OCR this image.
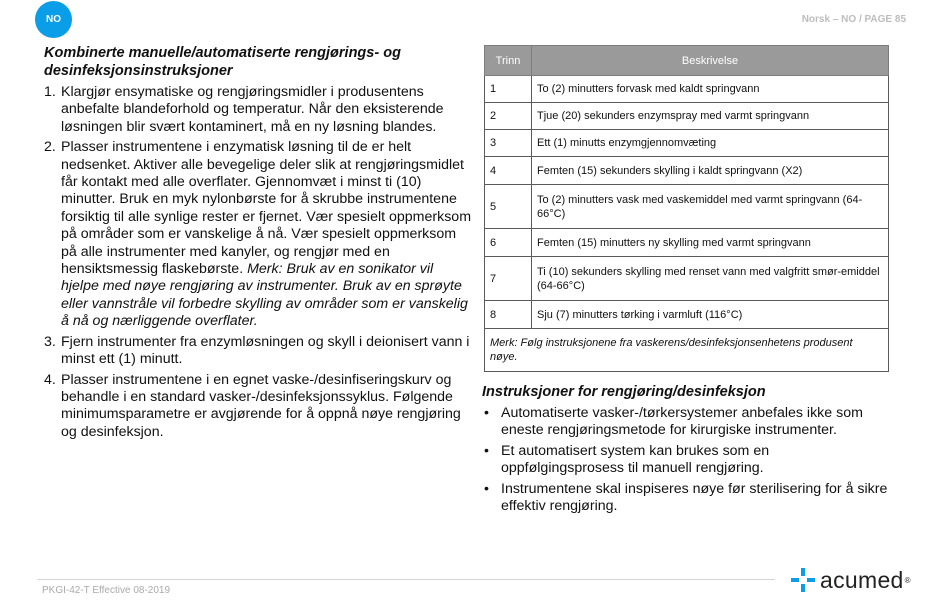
NO	Norsk – NO / PAGE 85
Kombinerte manuelle/automatiserte rengjørings- og desinfeksjonsinstruksjoner
1. Klargjør ensymatiske og rengjøringsmidler i produsentens anbefalte blandeforhold og temperatur. Når den eksisterende løsningen blir svært kontaminert, må en ny løsning blandes.
2. Plasser instrumentene i enzymatisk løsning til de er helt nedsenket. Aktiver alle bevegelige deler slik at rengjøringsmidlet får kontakt med alle overflater. Gjennomvæt i minst ti (10) minutter. Bruk en myk nylonbørste for å skrubbe instrumentene forsiktig til alle synlige rester er fjernet. Vær spesielt oppmerksom på områder som er vanskelige å nå. Vær spesielt oppmerksom på alle instrumenter med kanyler, og rengjør med en hensiktsmessig flaskebørste. Merk: Bruk av en sonikator vil hjelpe med nøye rengjøring av instrumenter. Bruk av en sprøyte eller vannstråle vil forbedre skylling av områder som er vanskelig å nå og nærliggende overflater.
3. Fjern instrumenter fra enzymløsningen og skyll i deionisert vann i minst ett (1) minutt.
4. Plasser instrumentene i en egnet vaske-/desinfiseringskurv og behandle i en standard vasker-/desinfeksjonssyklus. Følgende minimumsparametre er avgjørende for å oppnå nøye rengjøring og desinfeksjon.
Trinn	Beskrivelse
1	To (2) minutters forvask med kaldt springvann
2	Tjue (20) sekunders enzymspray med varmt springvann
3	Ett (1) minutts enzymgjennomvæting
4	Femten (15) sekunders skylling i kaldt springvann (X2)
5	To (2) minutters vask med vaskemiddel med varmt springvann (64-66°C)
6	Femten (15) minutters ny skylling med varmt springvann
7	Ti (10) sekunders skylling med renset vann med valgfritt smør-emiddel (64-66°C)
8	Sju (7) minutters tørking i varmluft (116°C)
Merk: Følg instruksjonene fra vaskerens/desinfeksjonsenhetens produsent nøye.	
Instruksjoner for rengjøring/desinfeksjon
• Automatiserte vasker-/tørkersystemer anbefales ikke som eneste rengjøringsmetode for kirurgiske instrumenter.
• Et automatisert system kan brukes som en oppfølgingsprosess til manuell rengjøring.
• Instrumentene skal inspiseres nøye før sterilisering for å sikre effektiv rengjøring.
PKGI-42-T Effective 08-2019	acumed ®
